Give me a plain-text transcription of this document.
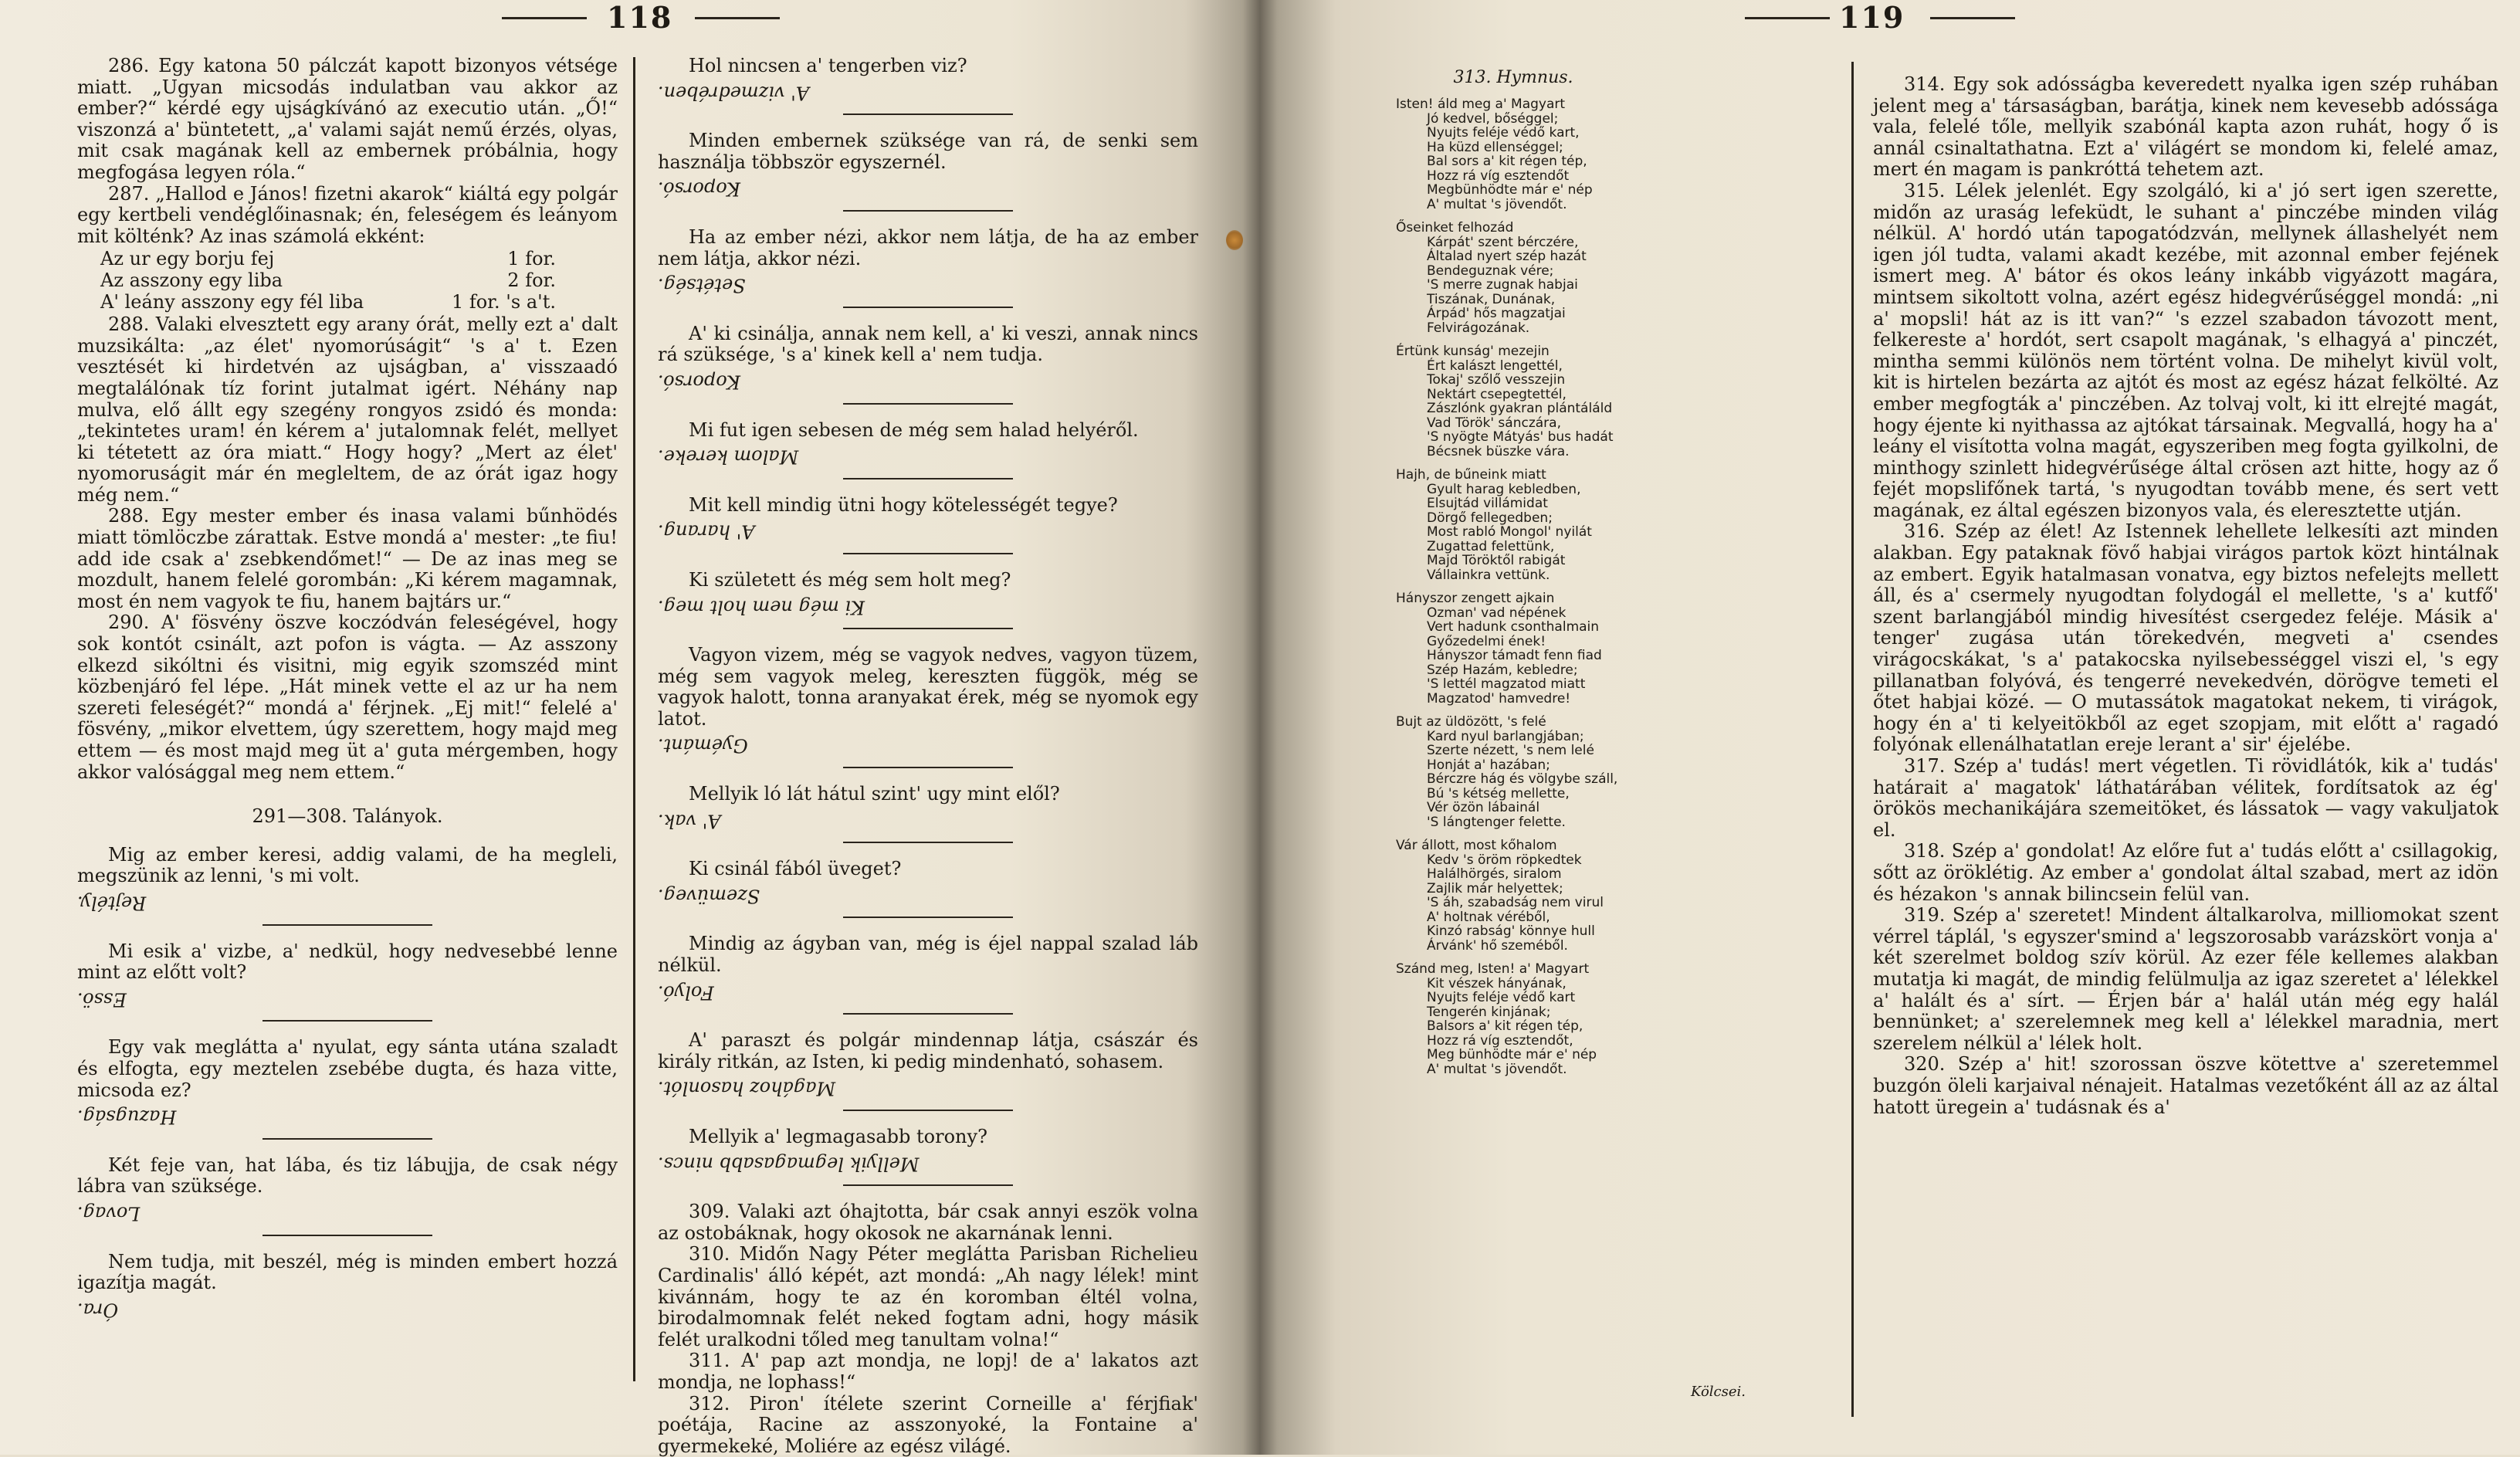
118

286. Egy katona 50 pálczát kapott bizonyos vétsége miatt. „Ugyan micsodás indulatban vau akkor az ember?“ kérdé egy ujságkívánó az executio után. „Ő!“ viszonzá a' büntetett, „a' valami saját nemű érzés, olyas, mit csak magának kell az embernek próbálnia, hogy megfogása legyen róla.“

287. „Hallod e János! fizetni akarok“ kiáltá egy polgár egy kertbeli vendéglőinasnak; én, feleségem és leányom mit költénk? Az inas számolá ekként:

Az ur egy borju fej	1 for.
Az asszony egy liba	2 for.
A' leány asszony egy fél liba	1 for. 's a't.

288. Valaki elvesztett egy arany órát, melly ezt a' dalt muzsikálta: „az élet' nyomorúságit“ 's a' t. Ezen vesztését ki hirdetvén az ujságban, a' visszaadó megtalálónak tíz forint jutalmat igért. Néhány nap mulva, elő állt egy szegény rongyos zsidó és monda: „tekintetes uram! én kérem a' jutalomnak felét, mellyet ki tétetett az óra miatt.“ Hogy hogy? „Mert az élet' nyomoruságit már én megleltem, de az órát igaz hogy még nem.“

288. Egy mester ember és inasa valami bűnhödés miatt tömlöczbe zárattak. Estve mondá a' mester: „te fiu! add ide csak a' zsebkendőmet!“ — De az inas meg se mozdult, hanem felelé gorombán: „Ki kérem magamnak, most én nem vagyok te fiu, hanem bajtárs ur.“

290. A' fösvény öszve koczódván feleségével, hogy sok kontót csinált, azt pofon is vágta. — Az asszony elkezd sikóltni és visitni, mig egyik szomszéd mint közbenjáró fel lépe. „Hát minek vette el az ur ha nem szereti feleségét?“ mondá a' férjnek. „Ej mit!“ felelé a' fösvény, „mikor elvettem, úgy szerettem, hogy majd meg ettem — és most majd meg üt a' guta mérgemben, hogy akkor valósággal meg nem ettem.“

291—308. Talányok.

Mig az ember keresi, addig valami, de ha megleli, megszünik az lenni, 's mi volt.

Rejtély.

Mi esik a' vizbe, a' nedkül, hogy nedvesebbé lenne mint az előtt volt?

Essö.

Egy vak meglátta a' nyulat, egy sánta utána szaladt és elfogta, egy meztelen zsebébe dugta, és haza vitte, micsoda ez?

Hazugság.

Két feje van, hat lába, és tiz lábujja, de csak négy lábra van szüksége.

Lovag.

Nem tudja, mit beszél, még is minden embert hozzá igazítja magát.

Óra.

Hol nincsen a' tengerben viz?

A' vizmedrében.

Minden embernek szüksége van rá, de senki sem használja többször egyszernél.

Koporsó.

Ha az ember nézi, akkor nem látja, de ha az ember nem látja, akkor nézi.

Setétség.

A' ki csinálja, annak nem kell, a' ki veszi, annak nincs rá szüksége, 's a' kinek kell a' nem tudja.

Koporsó.

Mi fut igen sebesen de még sem halad helyéről.

Malom kereke.

Mit kell mindig ütni hogy kötelességét tegye?

A' harang.

Ki született és még sem holt meg?

Ki még nem holt meg.

Vagyon vizem, még se vagyok nedves, vagyon tüzem, még sem vagyok meleg, kereszten függök, még se vagyok halott, tonna aranyakat érek, még se nyomok egy latot.

Gyémánt.

Mellyik ló lát hátul szint' ugy mint elől?

A' vak.

Ki csinál fából üveget?

Szemüveg.

Mindig az ágyban van, még is éjel nappal szalad láb nélkül.

Folyó.

A' paraszt és polgár mindennap látja, császár és király ritkán, az Isten, ki pedig mindenható, sohasem.

Magához hasonlót.

Mellyik a' legmagasabb torony?

Mellyik legmagasabb nincs.

309. Valaki azt óhajtotta, bár csak annyi eszök volna az ostobáknak, hogy okosok ne akarnának lenni.

310. Midőn Nagy Péter meglátta Parisban Richelieu Cardinalis' álló képét, azt mondá: „Ah nagy lélek! mint kivánnám, hogy te az én koromban éltél volna, birodalmomnak felét neked fogtam adni, hogy másik felét uralkodni tőled meg tanultam volna!“

311. A' pap azt mondja, ne lopj! de a' lakatos azt mondja, ne lophass!“

312. Piron' ítélete szerint Corneille a' férjfiak' poétája, Racine az asszonyoké, la Fontaine a' gyermekeké, Moliére az egész világé.

119
313. Hymnus.
Isten! áld meg a' Magyart
Jó kedvel, bőséggel;
Nyujts feléje védő kart,
Ha küzd ellenséggel;
Bal sors a' kit régen tép,
Hozz rá víg esztendőt
Megbünhödte már e' nép
A' multat 's jövendőt.
Őseinket felhozád
Kárpát' szent bérczére,
Általad nyert szép hazát
Bendeguznak vére;
'S merre zugnak habjai
Tiszának, Dunának,
Árpád' hős magzatjai
Felvirágozának.
Értünk kunság' mezejin
Ért kalászt lengettél,
Tokaj' szőlő vesszejin
Nektárt csepegtettél,
Zászlónk gyakran plántáláld
Vad Török' sánczára,
'S nyögte Mátyás' bus hadát
Bécsnek büszke vára.
Hajh, de bűneink miatt
Gyult harag kebledben,
Elsujtád villámidat
Dörgő fellegedben;
Most rabló Mongol' nyilát
Zugattad felettünk,
Majd Töröktől rabigát
Vállainkra vettünk.
Hányszor zengett ajkain
Ozman' vad népének
Vert hadunk csonthalmain
Győzedelmi ének!
Hányszor támadt fenn fiad
Szép Hazám, kebledre;
'S lettél magzatod miatt
Magzatod' hamvedre!
Bujt az üldözött, 's felé
Kard nyul barlangjában;
Szerte nézett, 's nem lelé
Honját a' hazában;
Bérczre hág és völgybe száll,
Bú 's kétség mellette,
Vér özön lábainál
'S lángtenger felette.
Vár állott, most kőhalom
Kedv 's öröm röpkedtek
Halálhörgés, siralom
Zajlik már helyettek;
'S áh, szabadság nem virul
A' holtnak véréből,
Kinzó rabság' könnye hull
Árvánk' hő szeméből.
Szánd meg, Isten! a' Magyart
Kit vészek hányának,
Nyujts feléje védő kart
Tengerén kinjának;
Balsors a' kit régen tép,
Hozz rá víg esztendőt,
Meg bünhödte már e' nép
A' multat 's jövendőt.
Kölcsei.

314. Egy sok adósságba keveredett nyalka igen szép ruhában jelent meg a' társaságban, barátja, kinek nem kevesebb adóssága vala, felelé tőle, mellyik szabónál kapta azon ruhát, hogy ő is annál csinaltathatna. Ezt a' világért se mondom ki, felelé amaz, mert én magam is pankróttá tehetem azt.

315. Lélek jelenlét. Egy szolgáló, ki a' jó sert igen szerette, midőn az uraság lefeküdt, le suhant a' pinczébe minden világ nélkül. A' hordó után tapogatódzván, mellynek állashelyét nem igen jól tudta, valami akadt kezébe, mit azonnal ember fejének ismert meg. A' bátor és okos leány inkább vigyázott magára, mintsem sikoltott volna, azért egész hidegvérűséggel mondá: „ni a' mopsli! hát az is itt van?“ 's ezzel szabadon távozott ment, felkereste a' hordót, sert csapolt magának, 's elhagyá a' pinczét, mintha semmi különös nem történt volna. De mihelyt kivül volt, kit is hirtelen bezárta az ajtót és most az egész házat felkölté. Az ember megfogták a' pinczében. Az tolvaj volt, ki itt elrejté magát, hogy éjente ki nyithassa az ajtókat társainak. Megvallá, hogy ha a' leány el visította volna magát, egyszeriben meg fogta gyilkolni, de minthogy szinlett hidegvérűsége által crösen azt hitte, hogy az ő fejét mopslifőnek tartá, 's nyugodtan tovább mene, és sert vett magának, ez által egészen bizonyos vala, és eleresztette utján.

316. Szép az élet! Az Istennek lehellete lelkesíti azt minden alakban. Egy pataknak fövő habjai virágos partok közt hintálnak az embert. Egyik hatalmasan vonatva, egy biztos nefelejts mellett áll, és a' csermely nyugodtan folydogál el mellette, 's a' kutfő' szent barlangjából mindig hivesítést csergedez feléje. Másik a' tenger' zugása után törekedvén, megveti a' csendes virágocskákat, 's a' patakocska nyilsebességgel viszi el, 's egy pillanatban folyóvá, és tengerré nevekedvén, dörögve temeti el őtet habjai közé. — O mutassátok magatokat nekem, ti virágok, hogy én a' ti kelyeitökből az eget szopjam, mit előtt a' ragadó folyónak ellenálhatatlan ereje lerant a' sir' éjelébe.

317. Szép a' tudás! mert végetlen. Ti rövidlátók, kik a' tudás' határait a' magatok' láthatárában vélitek, fordítsatok az ég' örökös mechanikájára szemeitöket, és lássatok — vagy vakuljatok el.

318. Szép a' gondolat! Az előre fut a' tudás előtt a' csillagokig, sőtt az öröklétig. Az ember a' gondolat által szabad, mert az idön és hézakon 's annak bilincsein felül van.

319. Szép a' szeretet! Mindent általkarolva, milliomokat szent vérrel táplál, 's egyszer'smind a' legszorosabb varázskört vonja a' két szerelmet boldog szív körül. Az ezer féle kellemes alakban mutatja ki magát, de mindig felülmulja az igaz szeretet a' lélekkel a' halált és a' sírt. — Érjen bár a' halál után még egy halál bennünket; a' szerelemnek meg kell a' lélekkel maradnia, mert szerelem nélkül a' lélek holt.

320. Szép a' hit! szorossan öszve kötettve a' szeretemmel buzgón öleli karjaival nénajeit. Hatalmas vezetőként áll az az által hatott üregein a' tudásnak és a'
